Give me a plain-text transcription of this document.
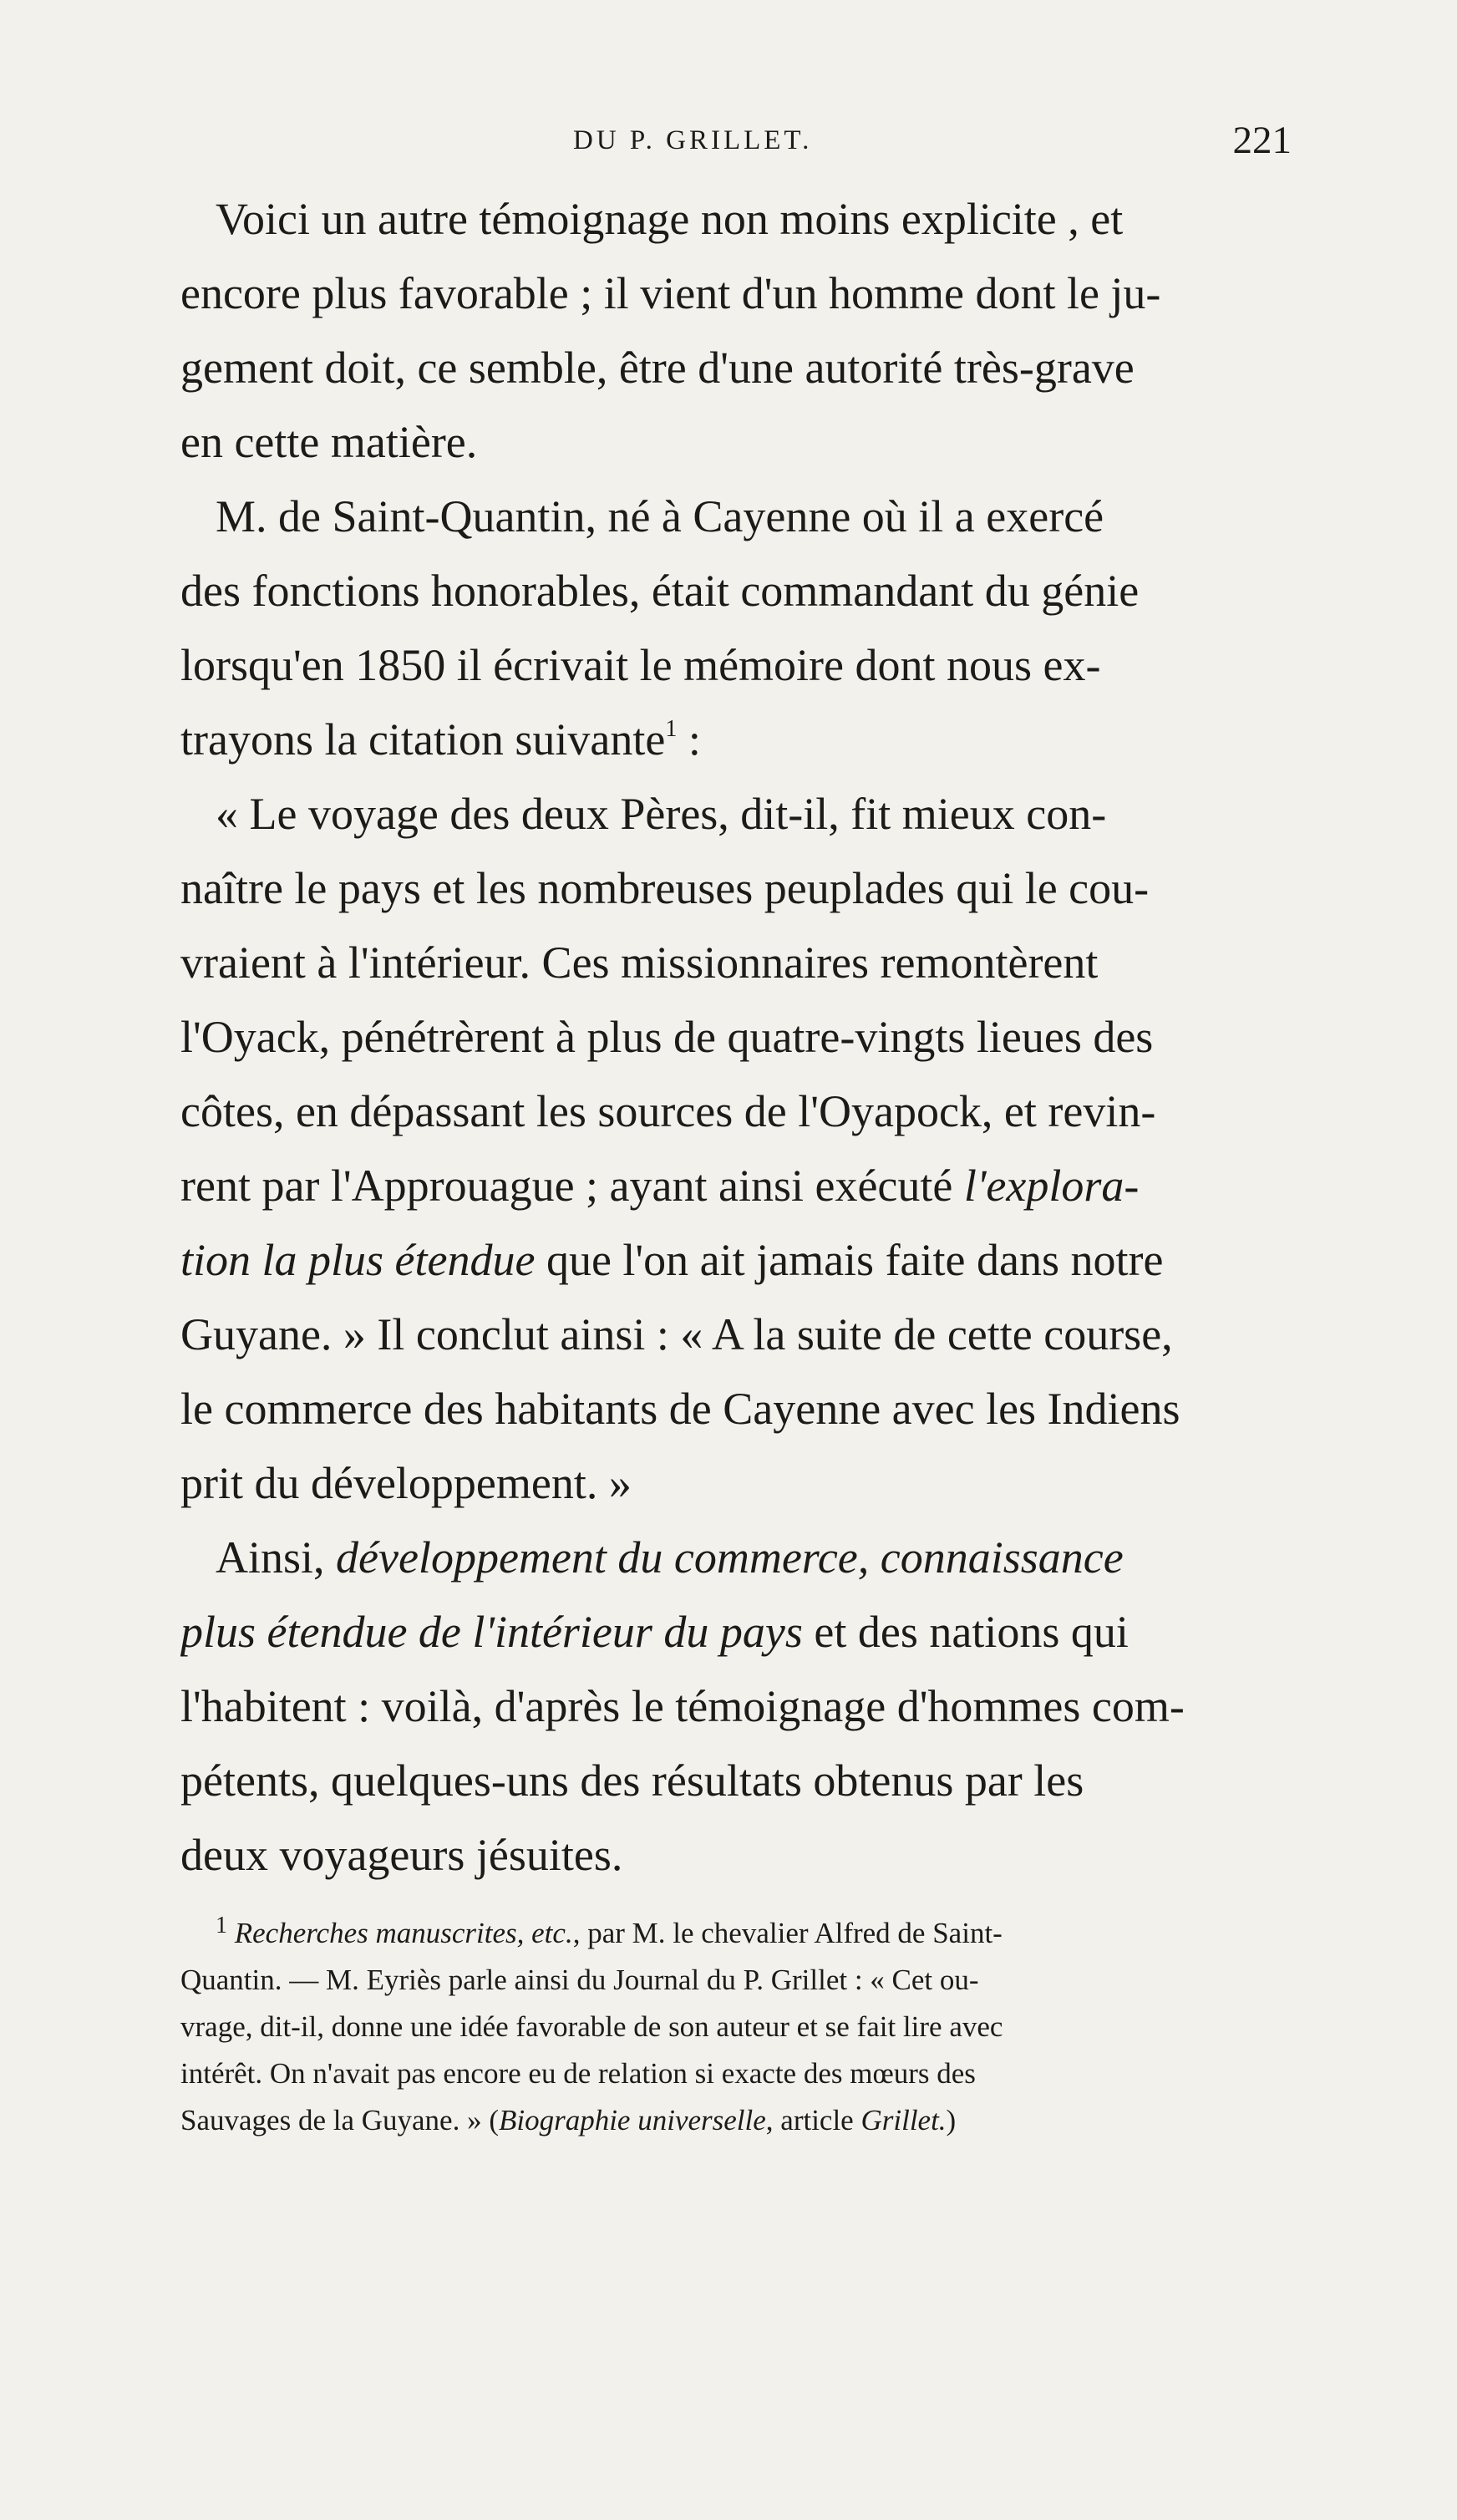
DU P. GRILLET.	221
Voici un autre témoignage non moins explicite , et
encore plus favorable ; il vient d'un homme dont le ju-
gement doit, ce semble, être d'une autorité très-grave
en cette matière.
M. de Saint-Quantin, né à Cayenne où il a exercé
des fonctions honorables, était commandant du génie
lorsqu'en 1850 il écrivait le mémoire dont nous ex-
trayons la citation suivante$^1$ :
« Le voyage des deux Pères, dit-il, fit mieux con-
naître le pays et les nombreuses peuplades qui le cou-
vraient à l'intérieur. Ces missionnaires remontèrent
l'Oyack, pénétrèrent à plus de quatre-vingts lieues des
côtes, en dépassant les sources de l'Oyapock, et revin-
rent par l'Approuague ; ayant ainsi exécuté l'explora-
tion la plus étendue que l'on ait jamais faite dans notre
Guyane. » Il conclut ainsi : « A la suite de cette course,
le commerce des habitants de Cayenne avec les Indiens
prit du développement. »
Ainsi, développement du commerce, connaissance
plus étendue de l'intérieur du pays et des nations qui
l'habitent : voilà, d'après le témoignage d'hommes com-
pétents, quelques-uns des résultats obtenus par les
deux voyageurs jésuites.
$^1$ Recherches manuscrites, etc., par M. le chevalier Alfred de Saint-
Quantin. — M. Eyriès parle ainsi du Journal du P. Grillet : « Cet ou-
vrage, dit-il, donne une idée favorable de son auteur et se fait lire avec
intérêt. On n'avait pas encore eu de relation si exacte des mœurs des
Sauvages de la Guyane. » (Biographie universelle, article Grillet.)
